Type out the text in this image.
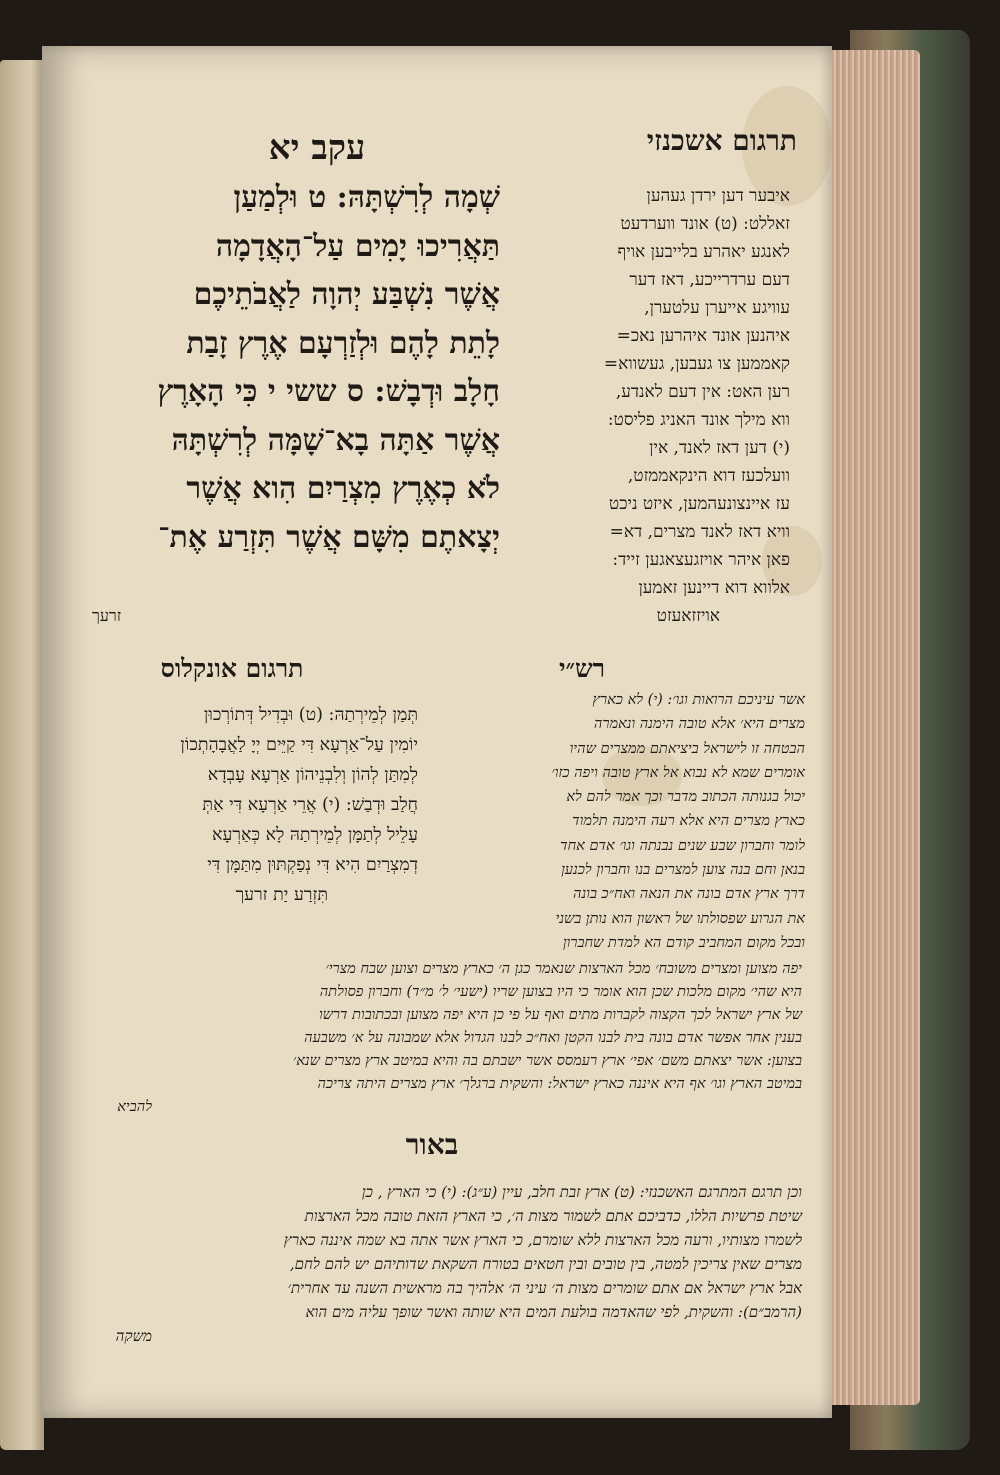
תרגום אשכנזי
עקב יא
שְׁמָה לְרִשְׁתָּהּ: ט וּלְמַעַן
תַּאֲרִיכוּ יָמִים עַל־הָאֲדָמָה
אֲשֶׁר נִשְׁבַּע יְהוָה לַאֲבֹתֵיכֶם
לָתֵת לָהֶם וּלְזַרְעָם אֶרֶץ זָבַת
חָלָב וּדְבָשׁ: ס ששי י כִּי הָאָרֶץ
אֲשֶׁר אַתָּה בָא־שָׁמָּה לְרִשְׁתָּהּ
לֹא כְאֶרֶץ מִצְרַיִם הִוא אֲשֶׁר
יְצָאתֶם מִשָּׁם אֲשֶׁר תִּזְרַע אֶת־
זרעך
איבער דען ירדן געהען
זאללט: (ט) אונד ווערדעט
לאנגע יאהרע בלייבען אויף
דעם ערדרייכע, דאז דער
עוויגע אייערן עלטערן,
איהנען אונד איהרען נאכ=
קאממען צו געבען, געשווא=
רען האט: אין דעם לאנדע,
ווא מילך אונד האניג פליסט:
(י) דען דאז לאנד, אין
וועלכעז דוא הינקאממזט,
עז איינצונעהמען, איזט ניכט
וויא דאז לאנד מצרים, דא=
פאן איהר אויזגעצאגען זייד:
אלווא דוא דיינען זאמען
אויזזאעזט
תרגום אונקלוס	רש״י
תְּמַן לְמֵירְתַהּ: (ט) וּבְדִיל דְּתוֹרְכוּן
יוֹמִין עַל־אַרְעָא דִּי קַיֵּים יְיָ לַאֲבָהָתְכוֹן
לְמִתַּן לְהוֹן וְלִבְנֵיהוֹן אַרְעָא עָבְדָא
חֲלַב וּדְבַשׁ: (י) אֲרֵי אַרְעָא דִּי אַתְּ
עָלֵיל לְתַמָּן לְמֵירְתַהּ לָא כְּאַרְעָא
דְמִצְרַיִם הִיא דִּי נְפַקְתּוּן מִתַּמָּן דִּי
תִּזְרַע יַת זרעך
אשר עיניכם הרואות וגו׳: (י) לא כארץ
מצרים היא׳ אלא טובה הימנה ונאמרה
הבטחה זו לישראל ביציאתם ממצרים שהיו
אומרים שמא לא נבוא אל ארץ טובה ויפה כזו׳
יכול בגנותה הכתוב מדבר וכך אמר להם לא
כארץ מצרים היא אלא רעה הימנה תלמוד
לומר וחברון שבע שנים נבנתה וגו׳ אדם אחד
בנאן וחם בנה צוען למצרים בנו וחברון לכנען
דרך ארץ אדם בונה את הנאה ואח״כ בונה
את הגרוע שפסולתו של ראשון הוא נותן בשני
ובכל מקום המחביב קודם הא למדת שחברון
יפה מצוען ומצרים משובח׳ מכל הארצות שנאמר כגן ה׳ כארץ מצרים וצוען שבח מצרי׳
היא שהי׳ מקום מלכות שכן הוא אומר כי היו בצוען שריו (ישעי׳ ל׳ מ״ד) וחברון פסולתה
של ארץ ישראל לכך הקצוה לקברות מתים ואף על פי כן היא יפה מצוען ובכתובות דרשו
בענין אחר אפשר אדם בונה בית לבנו הקטן ואח״כ לבנו הגדול אלא שמבונה על א׳ משבעה
בצוען: אשר יצאתם משם׳ אפי׳ ארץ רעמסס אשר ישבתם בה והיא במיטב ארץ מצרים שנא׳
במיטב הארץ וגו׳ אף היא איננה כארץ ישראל: והשקית ברגלך׳ ארץ מצרים היתה צריכה
להביא
באור
וכן תרגם המתרגם האשכנזי: (ט) ארץ זבת חלב, עיין (ע״ג): (י) כי הארץ , כן
שיטת פרשיות הללו, כדביכם אתם לשמור מצות ה׳, כי הארץ הזאת טובה מכל הארצות
לשמרו מצותיו, ורעה מכל הארצות ללא שומרם, כי הארץ אשר אתה בא שמה איננה כארץ
מצרים שאין צריכין למטה, בין טובים ובין חטאים בטורח השקאת שדותיהם יש להם לחם,
אבל ארץ ישראל אם אתם שומרים מצות ה׳ עיני ה׳ אלהיך בה מראשית השנה עד אחרית׳
(הרמב״ם): והשקית, לפי שהאדמה בולעת המים היא שותה ואשר שופך עליה מים הוא
משקה
